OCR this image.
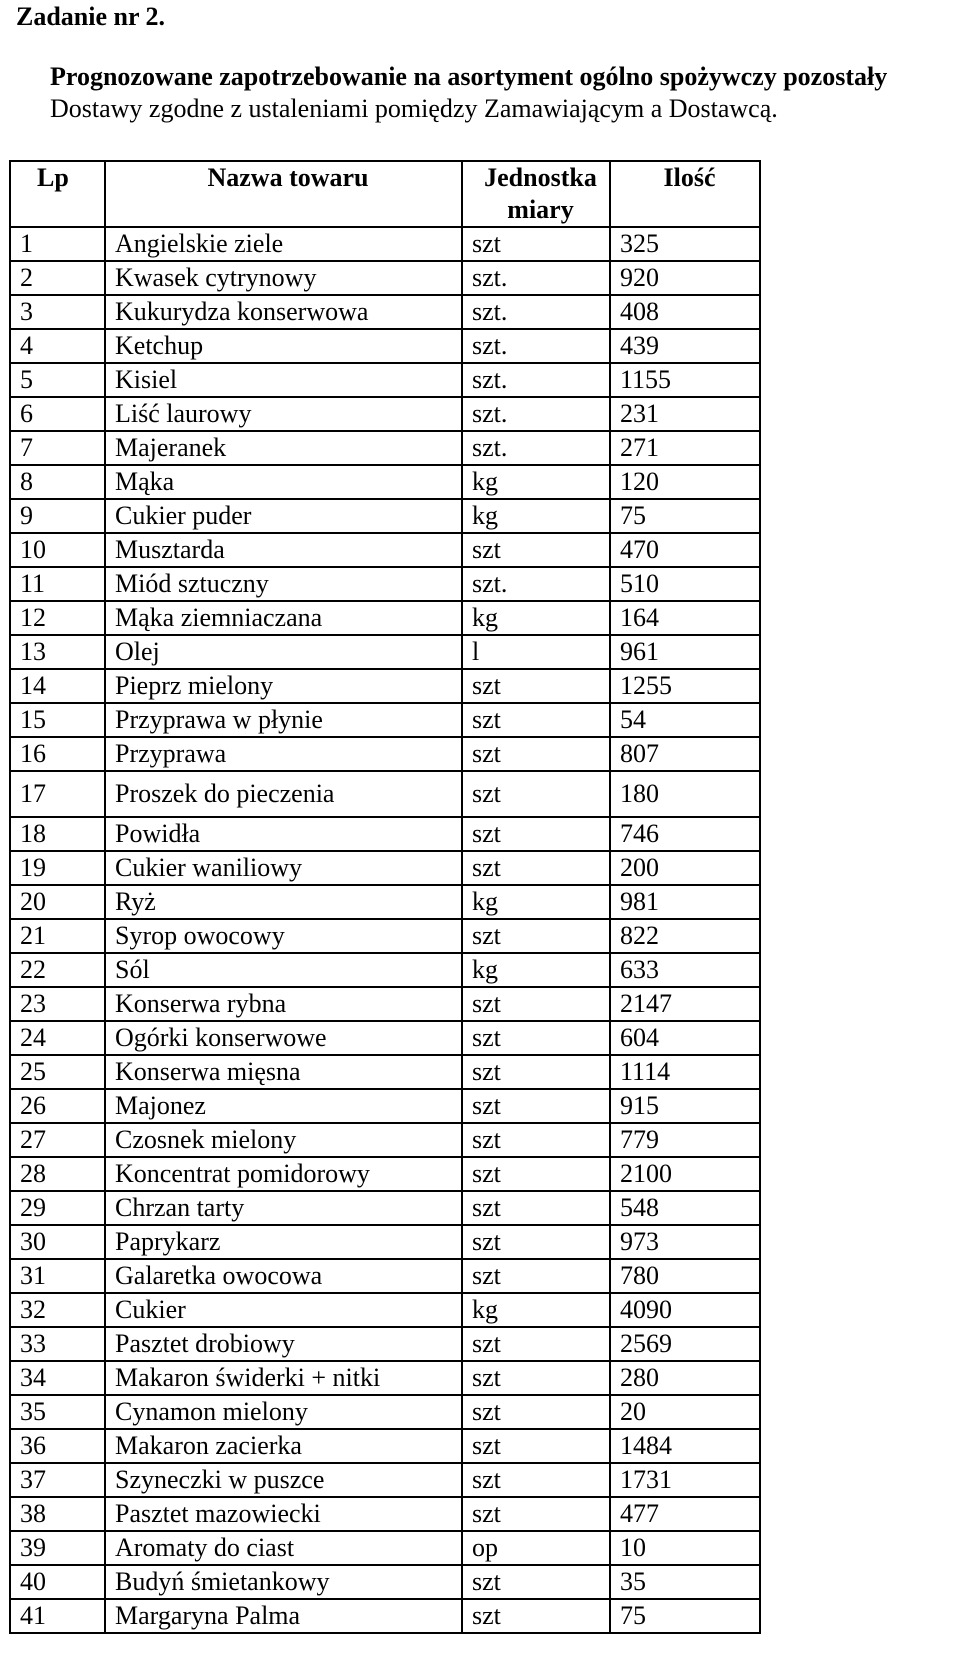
Zadanie nr 2.

Prognozowane zapotrzebowanie na asortyment ogólno spożywczy pozostały

Dostawy zgodne z ustaleniami pomiędzy Zamawiającym a Dostawcą.

Lp	Nazwa towaru	Jednostka miary	Ilość
1	Angielskie ziele	szt	325
2	Kwasek cytrynowy	szt.	920
3	Kukurydza konserwowa	szt.	408
4	Ketchup	szt.	439
5	Kisiel	szt.	1155
6	Liść laurowy	szt.	231
7	Majeranek	szt.	271
8	Mąka	kg	120
9	Cukier puder	kg	75
10	Musztarda	szt	470
11	Miód sztuczny	szt.	510
12	Mąka ziemniaczana	kg	164
13	Olej	l	961
14	Pieprz mielony	szt	1255
15	Przyprawa w płynie	szt	54
16	Przyprawa	szt	807
17	Proszek do pieczenia	szt	180
18	Powidła	szt	746
19	Cukier waniliowy	szt	200
20	Ryż	kg	981
21	Syrop owocowy	szt	822
22	Sól	kg	633
23	Konserwa rybna	szt	2147
24	Ogórki konserwowe	szt	604
25	Konserwa mięsna	szt	1114
26	Majonez	szt	915
27	Czosnek mielony	szt	779
28	Koncentrat pomidorowy	szt	2100
29	Chrzan tarty	szt	548
30	Paprykarz	szt	973
31	Galaretka owocowa	szt	780
32	Cukier	kg	4090
33	Pasztet drobiowy	szt	2569
34	Makaron świderki + nitki	szt	280
35	Cynamon mielony	szt	20
36	Makaron zacierka	szt	1484
37	Szyneczki w puszce	szt	1731
38	Pasztet mazowiecki	szt	477
39	Aromaty do ciast	op	10
40	Budyń śmietankowy	szt	35
41	Margaryna Palma	szt	75
